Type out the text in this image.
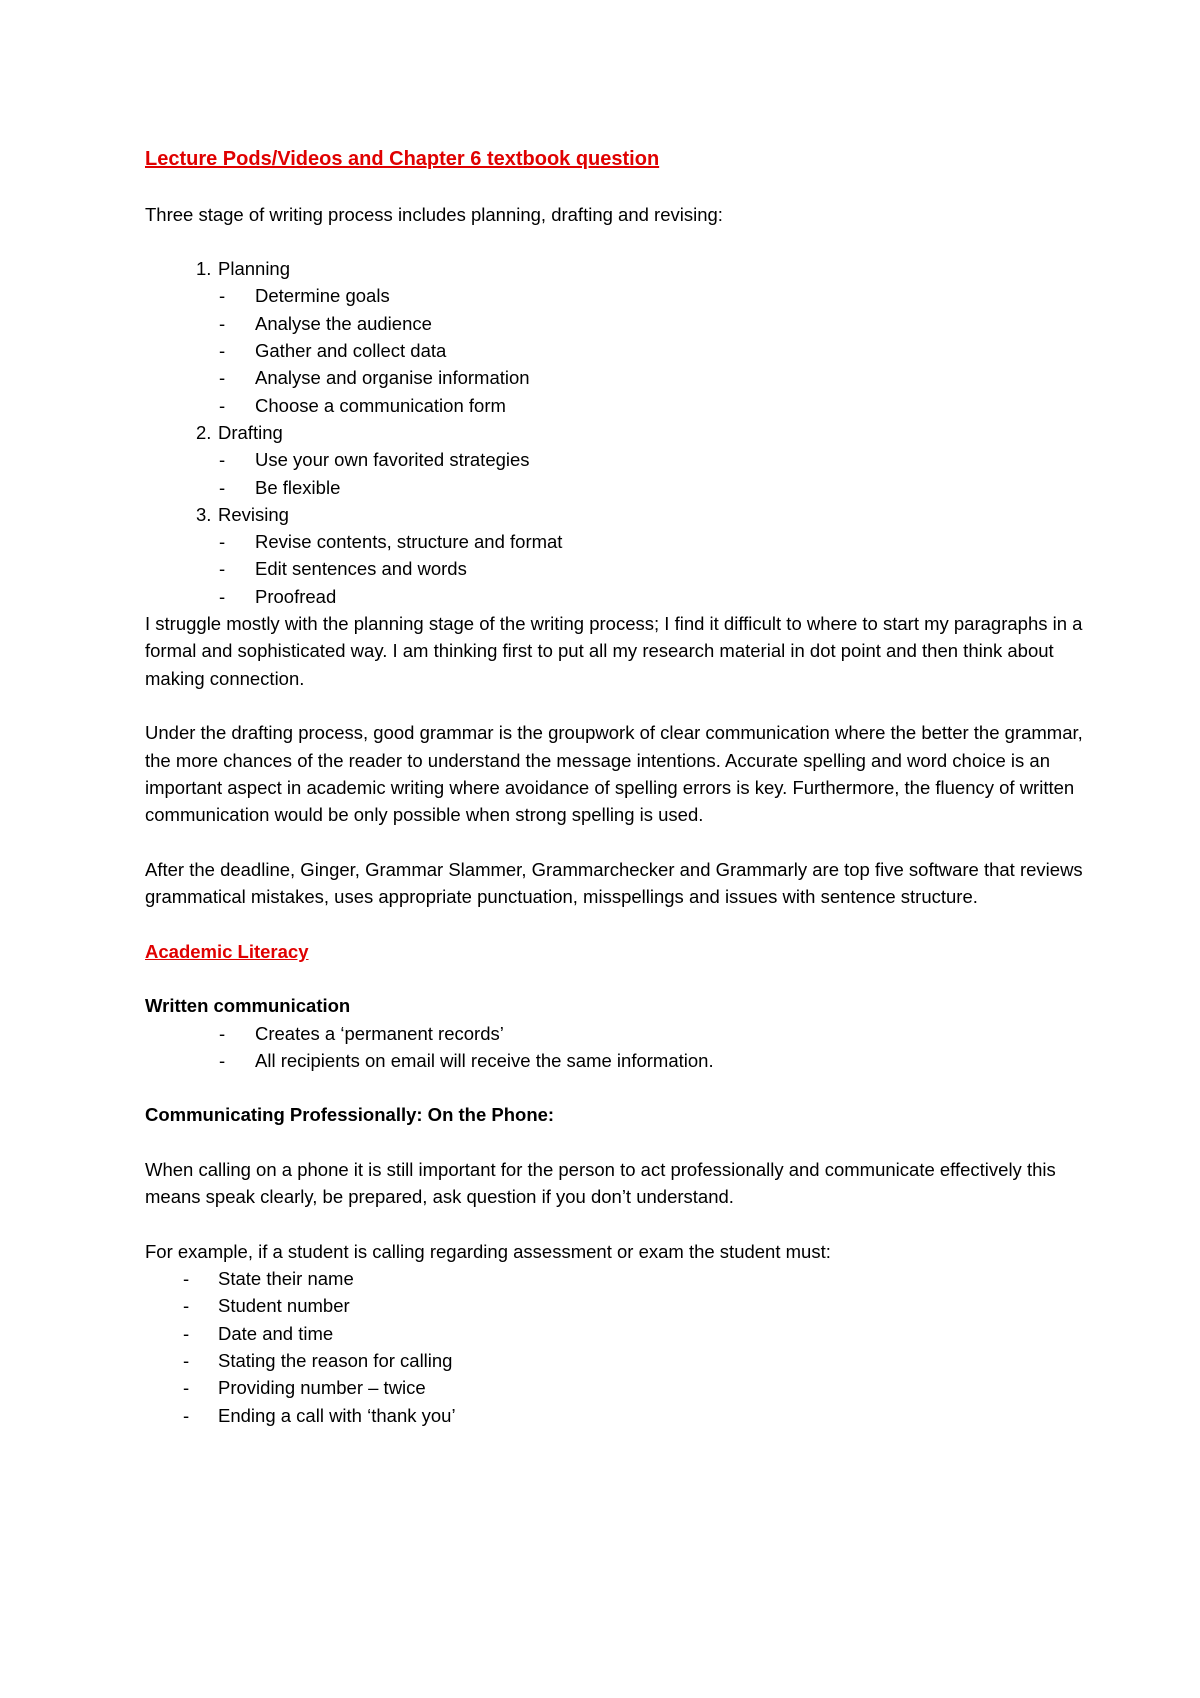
Lecture Pods/Videos and Chapter 6 textbook question

Three stage of writing process includes planning, drafting and revising:

1. Planning
-	Determine goals
-	Analyse the audience
-	Gather and collect data
-	Analyse and organise information
-	Choose a communication form
2. Drafting
-	Use your own favorited strategies
-	Be flexible
3. Revising
-	Revise contents, structure and format
-	Edit sentences and words
-	Proofread

I struggle mostly with the planning stage of the writing process; I find it difficult to where to start my paragraphs in a formal and sophisticated way. I am thinking first to put all my research material in dot point and then think about making connection.

Under the drafting process, good grammar is the groupwork of clear communication where the better the grammar, the more chances of the reader to understand the message intentions. Accurate spelling and word choice is an important aspect in academic writing where avoidance of spelling errors is key. Furthermore, the fluency of written communication would be only possible when strong spelling is used.

After the deadline, Ginger, Grammar Slammer, Grammarchecker and Grammarly are top five software that reviews grammatical mistakes, uses appropriate punctuation, misspellings and issues with sentence structure.

Academic Literacy

Written communication

-	Creates a ‘permanent records’
-	All recipients on email will receive the same information.

Communicating Professionally: On the Phone:

When calling on a phone it is still important for the person to act professionally and communicate effectively this means speak clearly, be prepared, ask question if you don’t understand.

For example, if a student is calling regarding assessment or exam the student must:

-	State their name
-	Student number
-	Date and time
-	Stating the reason for calling
-	Providing number – twice
-	Ending a call with ‘thank you’
